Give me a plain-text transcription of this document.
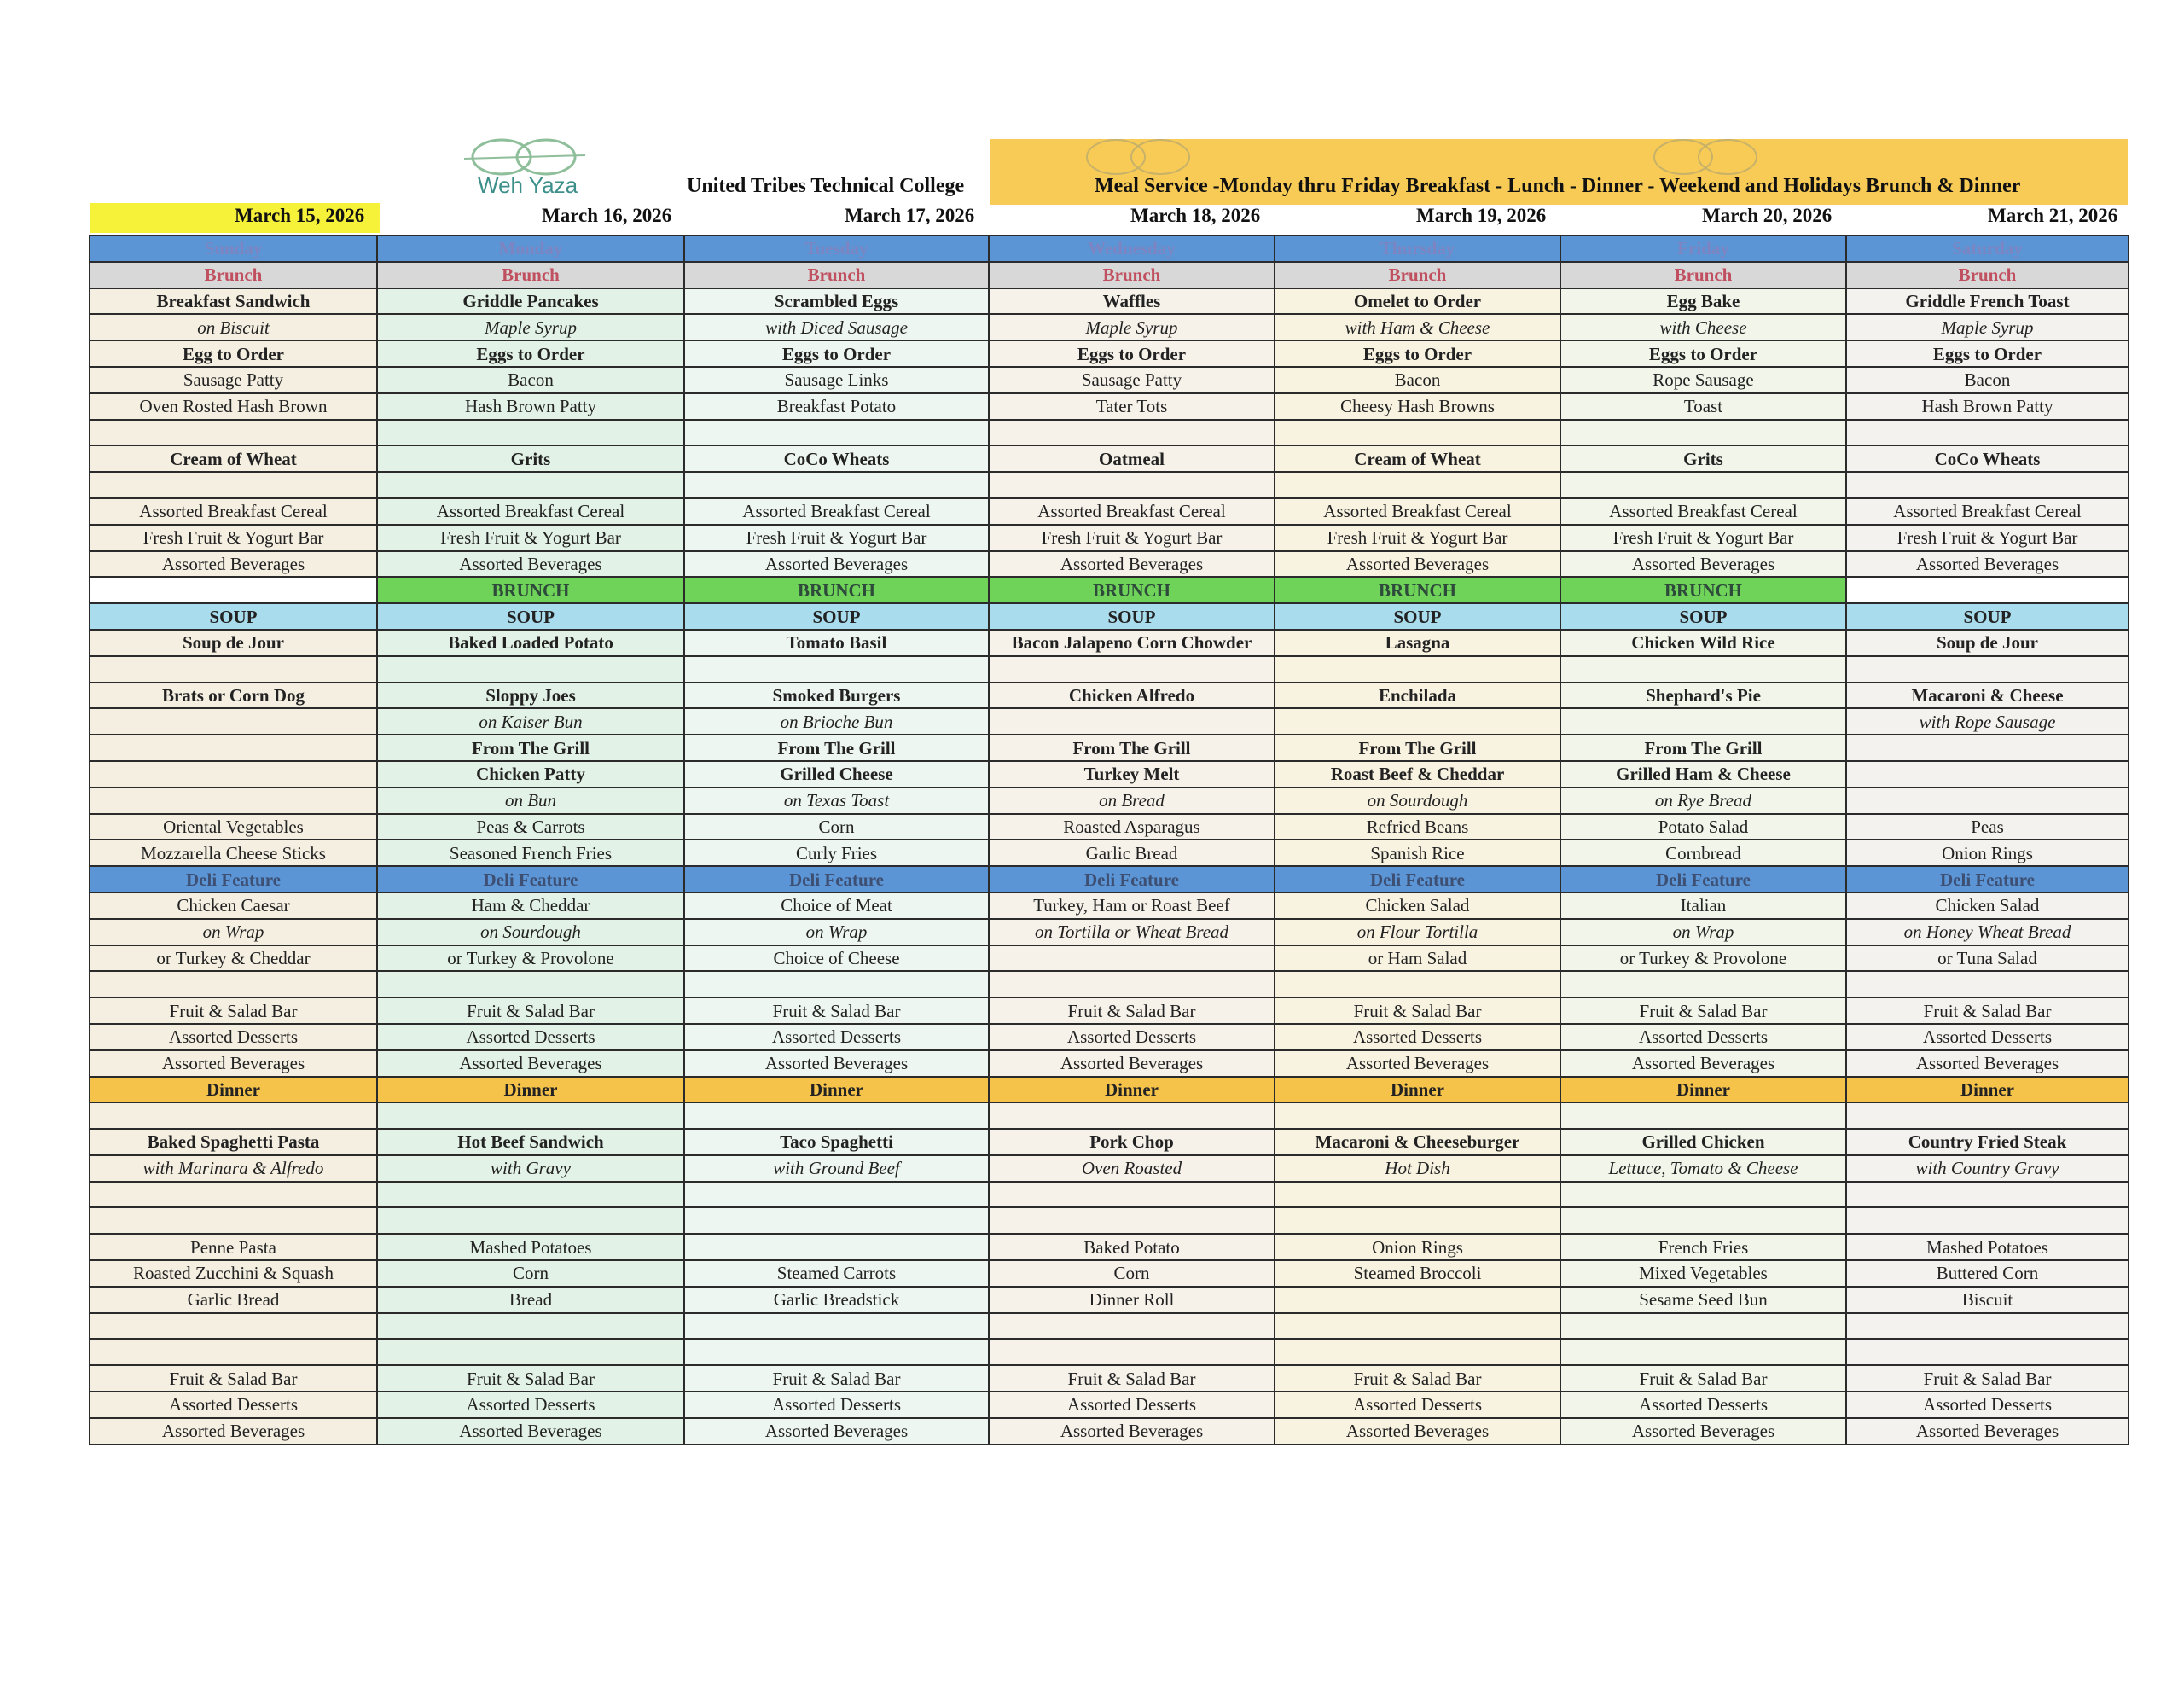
Weh Yaza	United Tribes Technical College	Meal Service -Monday thru Friday Breakfast - Lunch - Dinner - Weekend and Holidays Brunch & Dinner
March 15, 2026	March 16, 2026	March 17, 2026	March 18, 2026	March 19, 2026	March 20, 2026	March 21, 2026
Sunday	Monday	Tuesday	Wednesday	Thursday	Friday	Saturday
Brunch	Brunch	Brunch	Brunch	Brunch	Brunch	Brunch
Breakfast Sandwich	Griddle Pancakes	Scrambled Eggs	Waffles	Omelet to Order	Egg Bake	Griddle French Toast
on Biscuit	Maple Syrup	with Diced Sausage	Maple Syrup	with Ham & Cheese	with Cheese	Maple Syrup
Egg to Order	Eggs to Order	Eggs to Order	Eggs to Order	Eggs to Order	Eggs to Order	Eggs to Order
Sausage Patty	Bacon	Sausage Links	Sausage Patty	Bacon	Rope Sausage	Bacon
Oven Rosted Hash Brown	Hash Brown Patty	Breakfast Potato	Tater Tots	Cheesy Hash Browns	Toast	Hash Brown Patty

Cream of Wheat	Grits	CoCo Wheats	Oatmeal	Cream of Wheat	Grits	CoCo Wheats

Assorted Breakfast Cereal	Assorted Breakfast Cereal	Assorted Breakfast Cereal	Assorted Breakfast Cereal	Assorted Breakfast Cereal	Assorted Breakfast Cereal	Assorted Breakfast Cereal
Fresh Fruit & Yogurt Bar	Fresh Fruit & Yogurt Bar	Fresh Fruit & Yogurt Bar	Fresh Fruit & Yogurt Bar	Fresh Fruit & Yogurt Bar	Fresh Fruit & Yogurt Bar	Fresh Fruit & Yogurt Bar
Assorted Beverages	Assorted Beverages	Assorted Beverages	Assorted Beverages	Assorted Beverages	Assorted Beverages	Assorted Beverages
	BRUNCH	BRUNCH	BRUNCH	BRUNCH	BRUNCH	
SOUP	SOUP	SOUP	SOUP	SOUP	SOUP	SOUP
Soup de Jour	Baked Loaded Potato	Tomato Basil	Bacon Jalapeno Corn Chowder	Lasagna	Chicken Wild Rice	Soup de Jour

Brats or Corn Dog	Sloppy Joes	Smoked Burgers	Chicken Alfredo	Enchilada	Shephard's Pie	Macaroni & Cheese
	on Kaiser Bun	on Brioche Bun				with Rope Sausage
	From The Grill	From The Grill	From The Grill	From The Grill	From The Grill	
	Chicken Patty	Grilled Cheese	Turkey Melt	Roast Beef & Cheddar	Grilled Ham & Cheese	
	on Bun	on Texas Toast	on Bread	on Sourdough	on Rye Bread	
Oriental Vegetables	Peas & Carrots	Corn	Roasted Asparagus	Refried Beans	Potato Salad	Peas
Mozzarella Cheese Sticks	Seasoned French Fries	Curly Fries	Garlic Bread	Spanish Rice	Cornbread	Onion Rings
Deli Feature	Deli Feature	Deli Feature	Deli Feature	Deli Feature	Deli Feature	Deli Feature
Chicken Caesar	Ham & Cheddar	Choice of Meat	Turkey, Ham or Roast Beef	Chicken Salad	Italian	Chicken Salad
on Wrap	on Sourdough	on Wrap	on Tortilla or Wheat Bread	on Flour Tortilla	on Wrap	on Honey Wheat Bread
or Turkey & Cheddar	or Turkey & Provolone	Choice of Cheese		or Ham Salad	or Turkey & Provolone	or Tuna Salad

Fruit & Salad Bar	Fruit & Salad Bar	Fruit & Salad Bar	Fruit & Salad Bar	Fruit & Salad Bar	Fruit & Salad Bar	Fruit & Salad Bar
Assorted Desserts	Assorted Desserts	Assorted Desserts	Assorted Desserts	Assorted Desserts	Assorted Desserts	Assorted Desserts
Assorted Beverages	Assorted Beverages	Assorted Beverages	Assorted Beverages	Assorted Beverages	Assorted Beverages	Assorted Beverages
Dinner	Dinner	Dinner	Dinner	Dinner	Dinner	Dinner

Baked Spaghetti Pasta	Hot Beef Sandwich	Taco Spaghetti	Pork Chop	Macaroni & Cheeseburger	Grilled Chicken	Country Fried Steak
with Marinara & Alfredo	with Gravy	with Ground Beef	Oven Roasted	Hot Dish	Lettuce, Tomato & Cheese	with Country Gravy

Penne Pasta	Mashed Potatoes		Baked Potato	Onion Rings	French Fries	Mashed Potatoes
Roasted Zucchini & Squash	Corn	Steamed Carrots	Corn	Steamed Broccoli	Mixed Vegetables	Buttered Corn
Garlic Bread	Bread	Garlic Breadstick	Dinner Roll		Sesame Seed Bun	Biscuit

Fruit & Salad Bar	Fruit & Salad Bar	Fruit & Salad Bar	Fruit & Salad Bar	Fruit & Salad Bar	Fruit & Salad Bar	Fruit & Salad Bar
Assorted Desserts	Assorted Desserts	Assorted Desserts	Assorted Desserts	Assorted Desserts	Assorted Desserts	Assorted Desserts
Assorted Beverages	Assorted Beverages	Assorted Beverages	Assorted Beverages	Assorted Beverages	Assorted Beverages	Assorted Beverages
